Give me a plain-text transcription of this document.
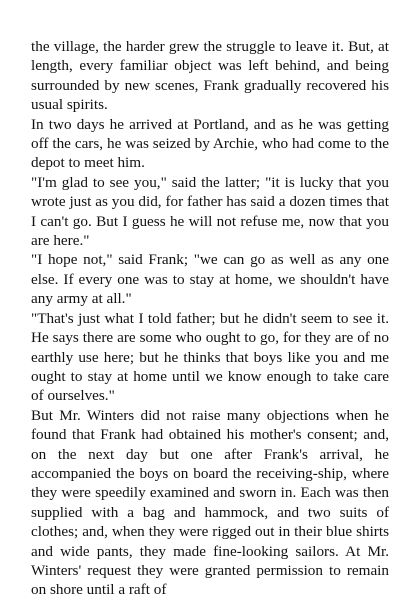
the village, the harder grew the struggle to leave it. But, at length, every familiar object was left behind, and being surrounded by new scenes, Frank gradually recovered his usual spirits.

In two days he arrived at Portland, and as he was getting off the cars, he was seized by Archie, who had come to the depot to meet him.

"I'm glad to see you," said the latter; "it is lucky that you wrote just as you did, for father has said a dozen times that I can't go. But I guess he will not refuse me, now that you are here."

"I hope not," said Frank; "we can go as well as any one else. If every one was to stay at home, we shouldn't have any army at all."

"That's just what I told father; but he didn't seem to see it. He says there are some who ought to go, for they are of no earthly use here; but he thinks that boys like you and me ought to stay at home until we know enough to take care of ourselves."

But Mr. Winters did not raise many objections when he found that Frank had obtained his mother's consent; and, on the next day but one after Frank's arrival, he accompanied the boys on board the receiving-ship, where they were speedily examined and sworn in. Each was then supplied with a bag and hammock, and two suits of clothes; and, when they were rigged out in their blue shirts and wide pants, they made fine-looking sailors. At Mr. Winters' request they were granted permission to remain on shore until a raft of
